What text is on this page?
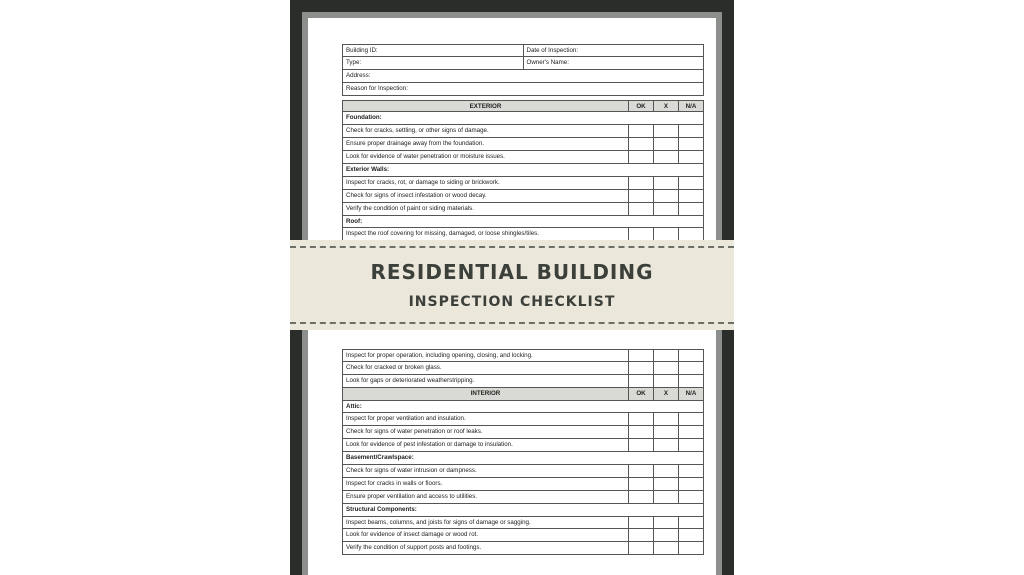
Building ID:	Date of Inspection:
Type:	Owner's Name:
Address:
Reason for Inspection:
EXTERIOR	OK	X	N/A
Foundation:
Check for cracks, settling, or other signs of damage.
Ensure proper drainage away from the foundation.
Look for evidence of water penetration or moisture issues.
Exterior Walls:
Inspect for cracks, rot, or damage to siding or brickwork.
Check for signs of insect infestation or wood decay.
Verify the condition of paint or siding materials.
Roof:
Inspect the roof covering for missing, damaged, or loose shingles/tiles.
Inspect for proper operation, including opening, closing, and locking.
Check for cracked or broken glass.
Look for gaps or deteriorated weatherstripping.
INTERIOR	OK	X	N/A
Attic:
Inspect for proper ventilation and insulation.
Check for signs of water penetration or roof leaks.
Look for evidence of pest infestation or damage to insulation.
Basement/Crawlspace:
Check for signs of water intrusion or dampness.
Inspect for cracks in walls or floors.
Ensure proper ventilation and access to utilities.
Structural Components:
Inspect beams, columns, and joists for signs of damage or sagging.
Look for evidence of insect damage or wood rot.
Verify the condition of support posts and footings.
RESIDENTIAL BUILDING
INSPECTION CHECKLIST
